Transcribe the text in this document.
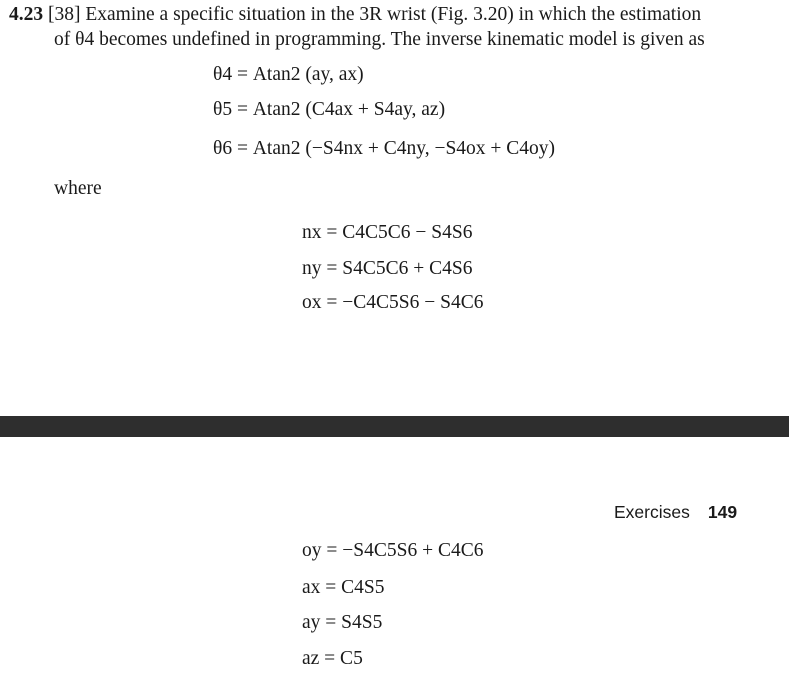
4.23 [38] Examine a specific situation in the 3R wrist (Fig. 3.20) in which the estimation
of θ4 becomes undefined in programming. The inverse kinematic model is given as
θ4 = Atan2 (ay, ax)
θ5 = Atan2 (C4ax + S4ay, az)
θ6 = Atan2 (−S4nx + C4ny, −S4ox + C4oy)
where
nx = C4C5C6 − S4S6
ny = S4C5C6 + C4S6
ox = −C4C5S6 − S4C6
Exercises 149
oy = −S4C5S6 + C4C6
ax = C4S5
ay = S4S5
az = C5
